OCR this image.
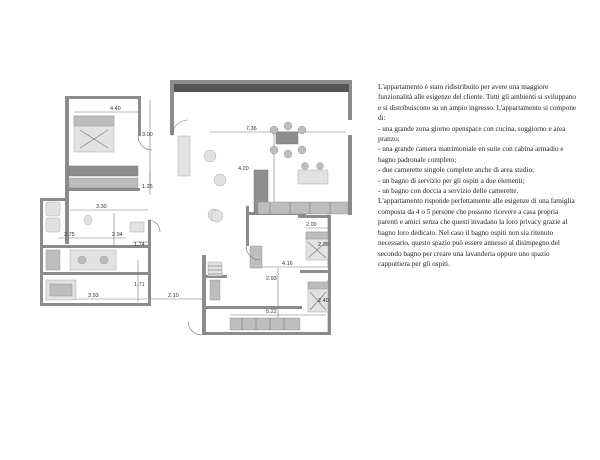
4.40
3.00
1.25
3.30
2.94
2.75
1.74
1.71
3.93	2.10
7.36
4.20
2.00
2.36
2.93
4.16
2.40
5.22

L'appartamento è stato ridistribuito per avere una maggiore funzionalità alle esigenze del cliente. Tutti gli ambienti si sviluppano e si distribuiscono su un ampio ingresso. L'appartamento si compone di:

- una grande zona giorno openspace con cucina, soggiorno e area pranzo;

- una grande camera matrimoniale en suite con cabina armadio e bagno padronale completo;

- due camerette singole complete anche di area studio;

- un bagno di servizio per gli ospiti a due elementi;

- un bagno con doccia a servizio delle camerette.

L'appartamento risponde perfettamente alle esigenze di una famiglia composta da 4 o 5 persone che possono ricevere a casa propria parenti e amici senza che questi invadano la loro privacy grazie al bagno loro dedicato. Nel caso il bagno ospiti non sia ritenuto necessario, questo spazio può essere annesso al disimpegno del secondo bagno per creare una lavanderia oppure uno spazio cappottiera per gli ospiti.
